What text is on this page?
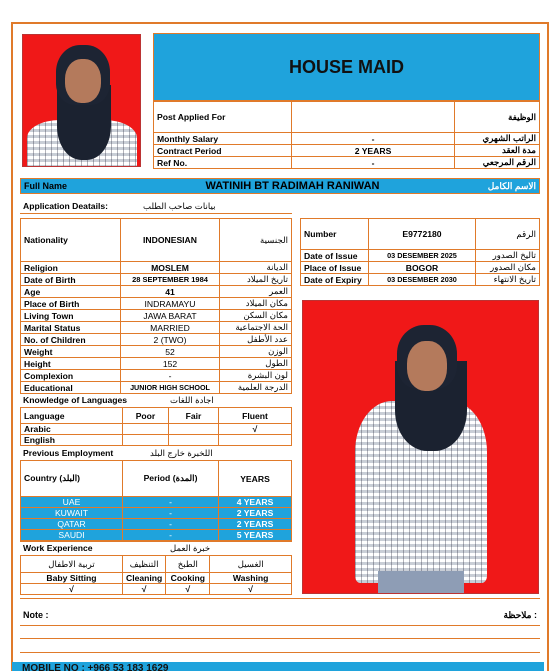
HOUSE MAID
Post Applied For		الوظيفة
Monthly Salary	-	الراتب الشهري
Contract Period	2 YEARS	مدة العقد
Ref No.	-	الرقم المرجعي
Full Name	WATINIH BT RADIMAH RANIWAN	الاسم الكامل
Application Deatails:	بيانات صاحب الطلب
Nationality	INDONESIAN	الجنسية
Religion	MOSLEM	الديانة
Date of Birth	28 SEPTEMBER 1984	تاريخ الميلاد
Age	41	العمر
Place of Birth	INDRAMAYU	مكان الميلاد
Living Town	JAWA BARAT	مكان السكن
Marital Status	MARRIED	الحة الاجتماعية
No. of Children	2 (TWO)	عدد الأطفل
Weight	52	الوزن
Height	152	الطول
Complexion	-	لون البشرة
Educational	JUNIOR HIGH SCHOOL	الدرجة العلمية
Number	E9772180	الرقم
Date of Issue	03 DESEMBER 2025	تاليخ الصدور
Place of Issue	BOGOR	مكان الصدور
Date of Expiry	03 DESEMBER 2030	تاريخ الانتهاء
Knowledge of Languages	اجادة اللغات
Language	Poor	Fair	Fluent
Arabic			√
English			
Previous Employment	اللخبرة خارج البلد
Country (البلد)	Period (المدة)	YEARS
UAE	-	4 YEARS
KUWAIT	-	2 YEARS
QATAR	-	2 YEARS
SAUDI	-	5 YEARS

Work Experience	خبرة العمل
تربية الاطفال	التنظيف	الطبخ	الغسيل
Baby Sitting	Cleaning	Cooking	Washing
√	√	√	√
Note :	ملاحظة :
MOBILE NO : +966 53 183 1629
